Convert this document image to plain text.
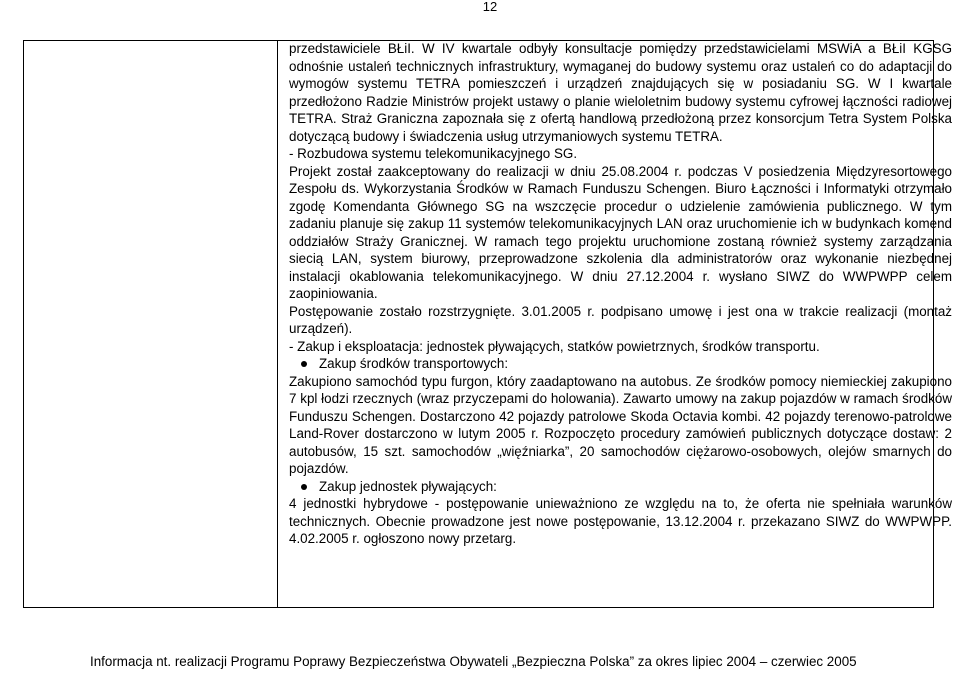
12

przedstawiciele BŁiI. W IV kwartale odbyły konsultacje pomiędzy przedstawicielami MSWiA a BŁiI KGSG odnośnie ustaleń technicznych infrastruktury, wymaganej do budowy systemu oraz ustaleń co do adaptacji do wymogów systemu TETRA pomieszczeń i urządzeń znajdujących się w posiadaniu SG. W I kwartale przedłożono Radzie Ministrów projekt ustawy o planie wieloletnim budowy systemu cyfrowej łączności radiowej TETRA. Straż Graniczna zapoznała się z ofertą handlową przedłożoną przez konsorcjum Tetra System Polska dotyczącą budowy i świadczenia usług utrzymaniowych systemu TETRA.

- Rozbudowa systemu telekomunikacyjnego SG.

Projekt został zaakceptowany do realizacji w dniu 25.08.2004 r. podczas V posiedzenia Międzyresortowego Zespołu ds. Wykorzystania Środków w Ramach Funduszu Schengen. Biuro Łączności i Informatyki otrzymało zgodę Komendanta Głównego SG na wszczęcie procedur o udzielenie zamówienia publicznego. W tym zadaniu planuje się zakup 11 systemów telekomunikacyjnych LAN oraz uruchomienie ich w budynkach komend oddziałów Straży Granicznej. W ramach tego projektu uruchomione zostaną również systemy zarządzania siecią LAN, system biurowy, przeprowadzone szkolenia dla administratorów oraz wykonanie niezbędnej instalacji okablowania telekomunikacyjnego. W dniu 27.12.2004 r. wysłano SIWZ do WWPWPP celem zaopiniowania.

Postępowanie zostało rozstrzygnięte. 3.01.2005 r. podpisano umowę i jest ona w trakcie realizacji (montaż urządzeń).

- Zakup i eksploatacja: jednostek pływających, statków powietrznych, środków transportu.

Zakup środków transportowych:

Zakupiono samochód typu furgon, który zaadaptowano na autobus. Ze środków pomocy niemieckiej zakupiono 7 kpl łodzi rzecznych (wraz przyczepami do holowania). Zawarto umowy na zakup pojazdów w ramach środków Funduszu Schengen. Dostarczono 42 pojazdy patrolowe Skoda Octavia kombi. 42 pojazdy terenowo-patrolowe Land-Rover dostarczono w lutym 2005 r. Rozpoczęto procedury zamówień publicznych dotyczące dostaw: 2 autobusów, 15 szt. samochodów „więźniarka”, 20 samochodów ciężarowo-osobowych, olejów smarnych do pojazdów.

Zakup jednostek pływających:

4 jednostki hybrydowe - postępowanie unieważniono ze względu na to, że oferta nie spełniała warunków technicznych. Obecnie prowadzone jest nowe postępowanie, 13.12.2004 r. przekazano SIWZ do WWPWPP. 4.02.2005 r. ogłoszono nowy przetarg.

Informacja nt. realizacji Programu Poprawy Bezpieczeństwa Obywateli „Bezpieczna Polska” za okres lipiec 2004 – czerwiec 2005
